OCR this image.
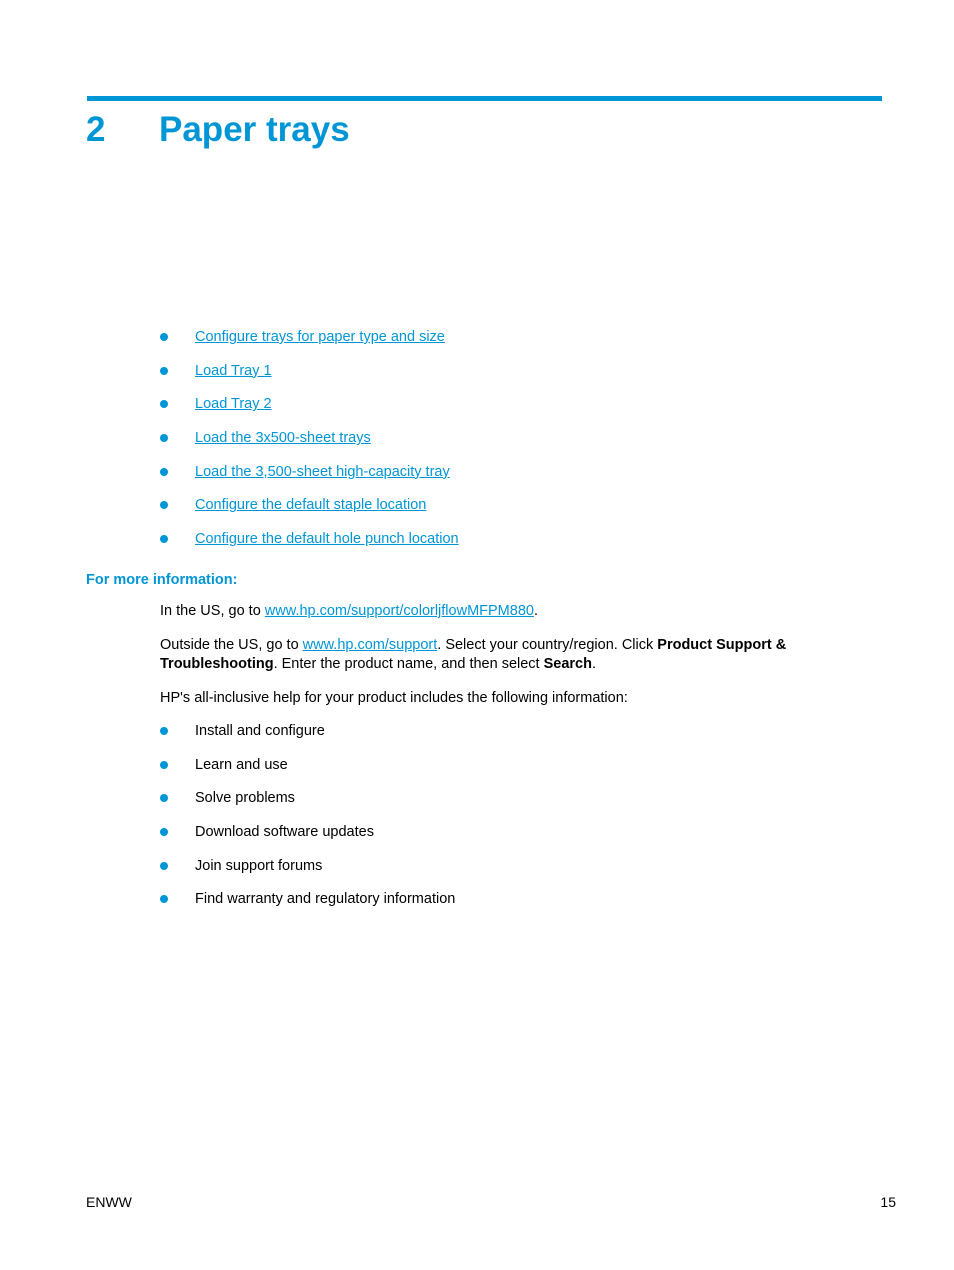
2 Paper trays
Configure trays for paper type and size
Load Tray 1
Load Tray 2
Load the 3x500-sheet trays
Load the 3,500-sheet high-capacity tray
Configure the default staple location
Configure the default hole punch location
For more information:

In the US, go to www.hp.com/support/colorljflowMFPM880.

Outside the US, go to www.hp.com/support. Select your country/region. Click Product Support & Troubleshooting. Enter the product name, and then select Search.

HP's all-inclusive help for your product includes the following information:

Install and configure
Learn and use
Solve problems
Download software updates
Join support forums
Find warranty and regulatory information
ENWW	15
